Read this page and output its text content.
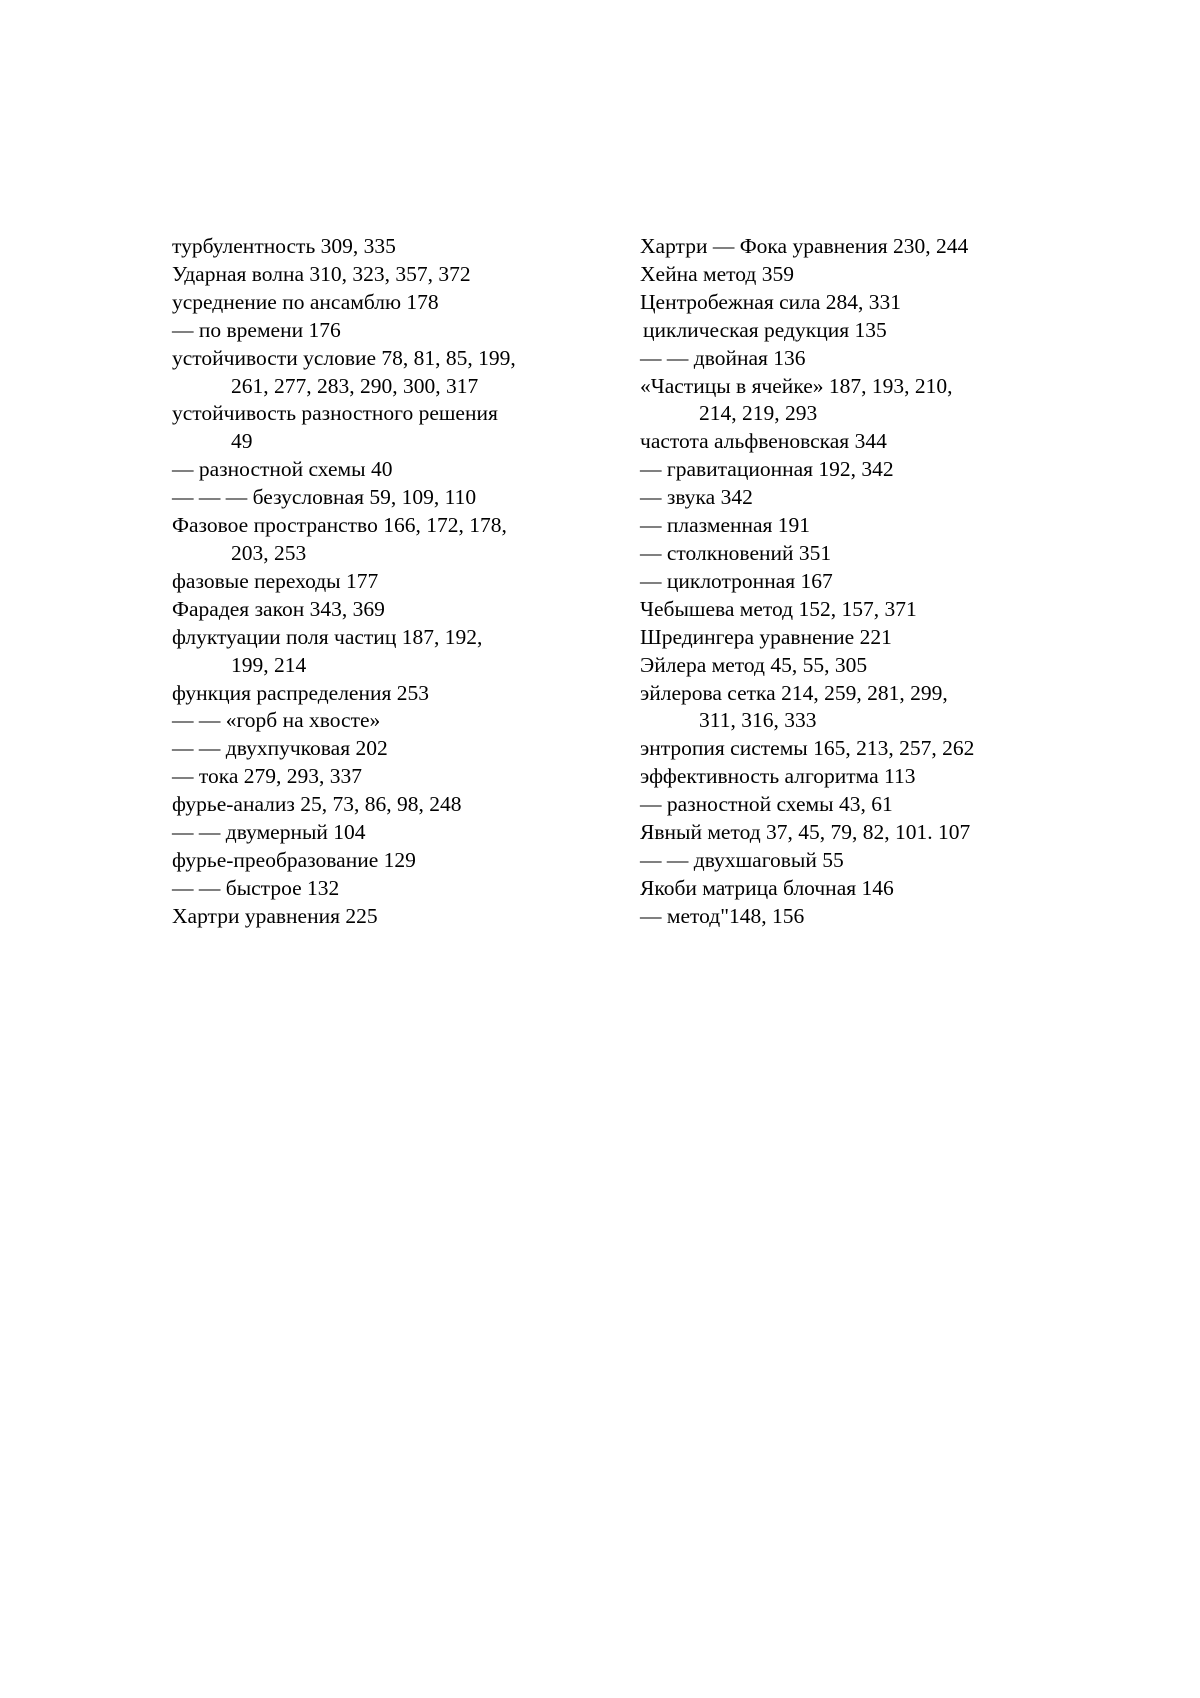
турбулентность 309, 335
Ударная волна 310, 323, 357, 372
усреднение по ансамблю 178
— по времени 176
устойчивости условие 78, 81, 85, 199,
261, 277, 283, 290, 300, 317
устойчивость разностного решения
49
— разностной схемы 40
— — — безусловная 59, 109, 110
Фазовое пространство 166, 172, 178,
203, 253
фазовые переходы 177
Фарадея закон 343, 369
флуктуации поля частиц 187, 192,
199, 214
функция распределения 253
— — «горб на хвосте»
— — двухпучковая 202
— тока 279, 293, 337
фурье-анализ 25, 73, 86, 98, 248
— — двумерный 104
фурье-преобразование 129
— — быстрое 132
Хартри уравнения 225
Хартри — Фока уравнения 230, 244
Хейна метод 359
Центробежная сила 284, 331
циклическая редукция 135
— — двойная 136
«Частицы в ячейке» 187, 193, 210,
214, 219, 293
частота альфвеновская 344
— гравитационная 192, 342
— звука 342
— плазменная 191
— столкновений 351
— циклотронная 167
Чебышева метод 152, 157, 371
Шредингера уравнение 221
Эйлера метод 45, 55, 305
эйлерова сетка 214, 259, 281, 299,
311, 316, 333
энтропия системы 165, 213, 257, 262
эффективность алгоритма 113
— разностной схемы 43, 61
Явный метод 37, 45, 79, 82, 101. 107
— — двухшаговый 55
Якоби матрица блочная 146
— метод"148, 156
